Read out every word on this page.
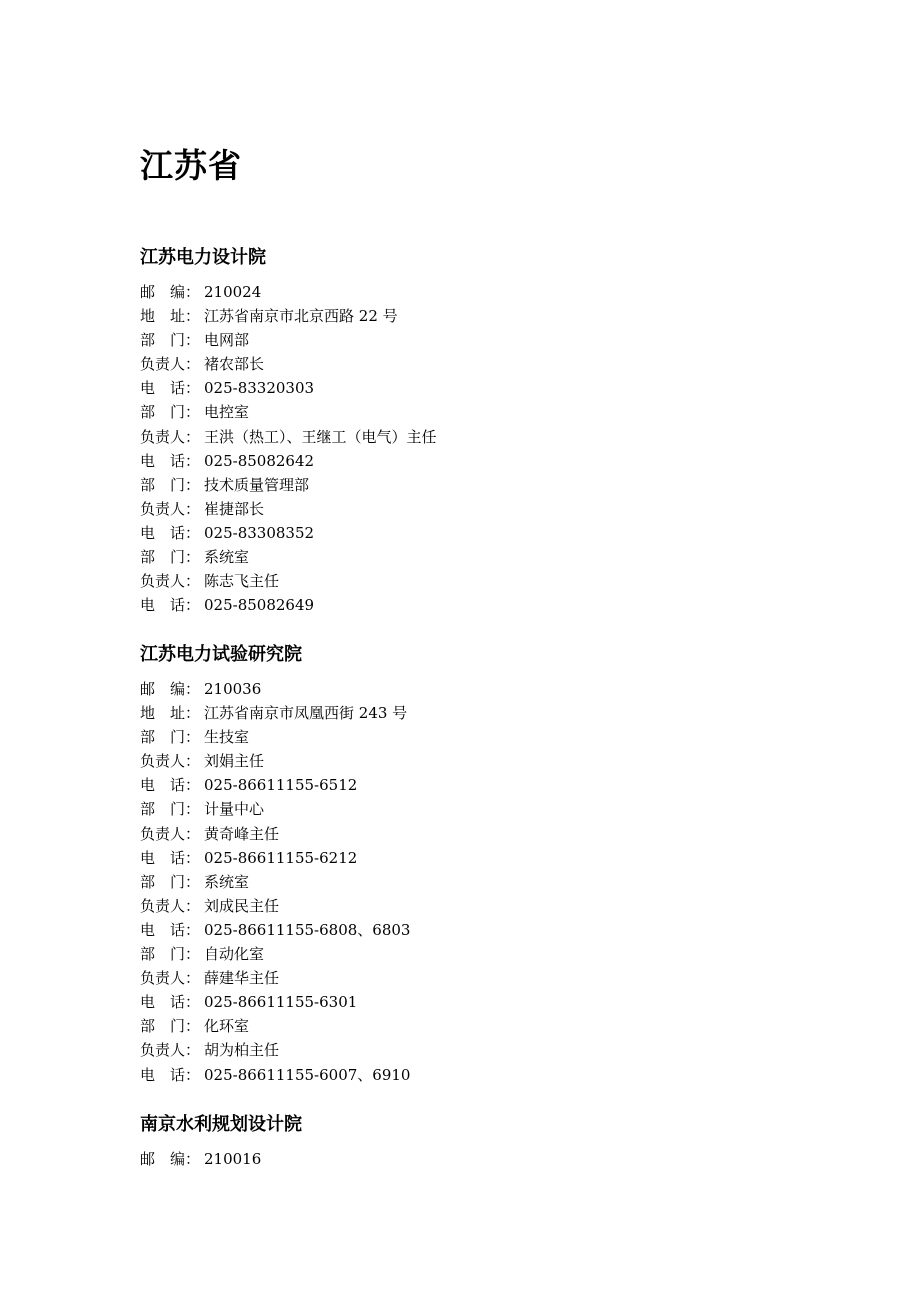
江苏省
江苏电力设计院
邮　编： 210024
地　址： 江苏省南京市北京西路 22 号
部　门： 电网部
负责人： 褚农部长
电　话： 025-83320303
部　门： 电控室
负责人： 王洪（热工）、王继工（电气）主任
电　话： 025-85082642
部　门： 技术质量管理部
负责人： 崔捷部长
电　话： 025-83308352
部　门： 系统室
负责人： 陈志飞主任
电　话： 025-85082649
江苏电力试验研究院
邮　编： 210036
地　址： 江苏省南京市凤凰西街 243 号
部　门： 生技室
负责人： 刘娟主任
电　话： 025-86611155-6512
部　门： 计量中心
负责人： 黄奇峰主任
电　话： 025-86611155-6212
部　门： 系统室
负责人： 刘成民主任
电　话： 025-86611155-6808、6803
部　门： 自动化室
负责人： 薛建华主任
电　话： 025-86611155-6301
部　门： 化环室
负责人： 胡为柏主任
电　话： 025-86611155-6007、6910
南京水利规划设计院
邮　编： 210016
